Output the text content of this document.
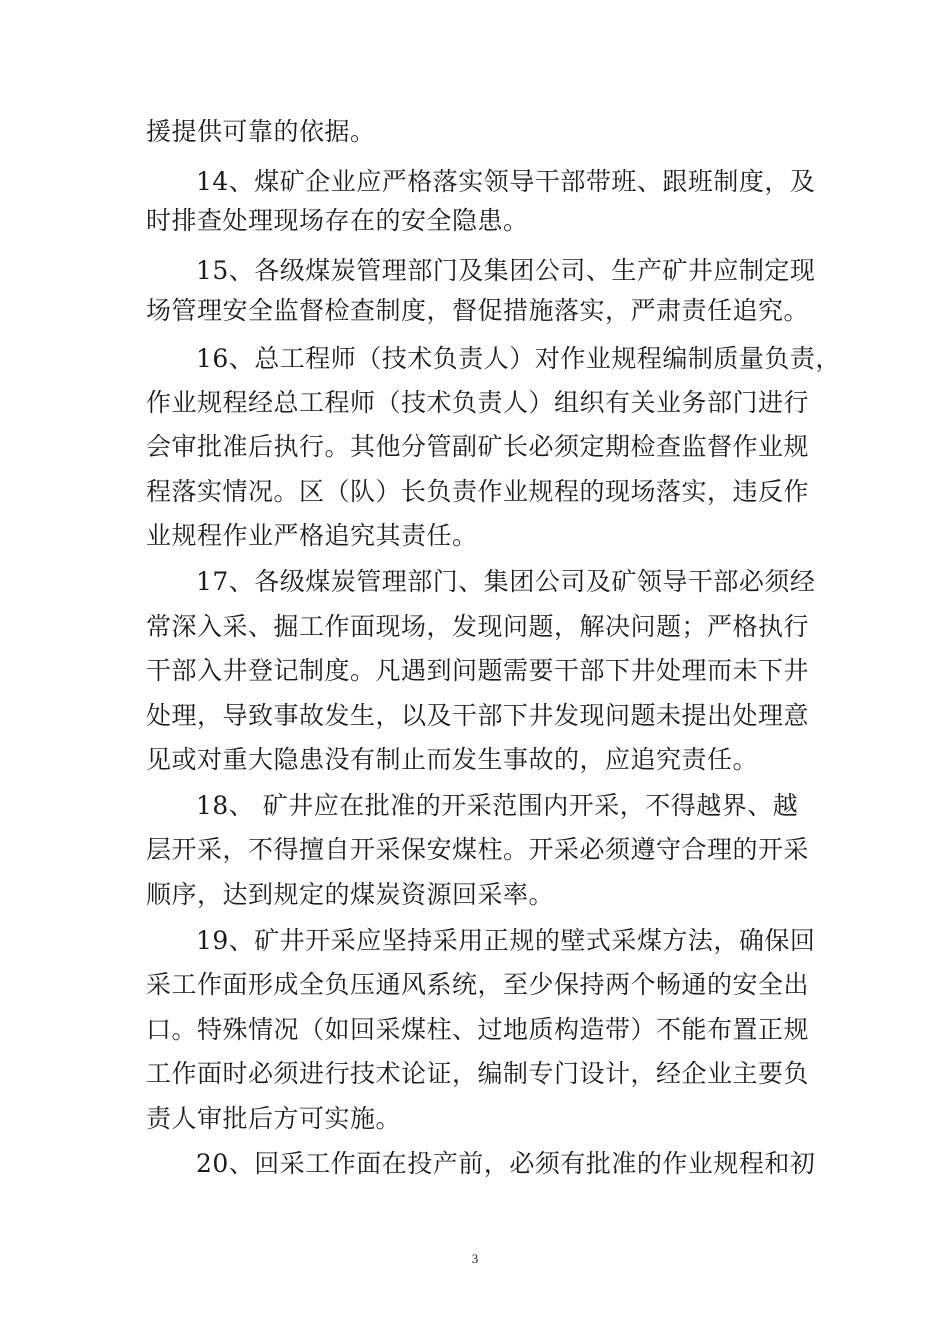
援提供可靠的依据。
14、煤矿企业应严格落实领导干部带班、跟班制度，及
时排查处理现场存在的安全隐患。
15、各级煤炭管理部门及集团公司、生产矿井应制定现
场管理安全监督检查制度，督促措施落实，严肃责任追究。
16、总工程师（技术负责人）对作业规程编制质量负责，
作业规程经总工程师（技术负责人）组织有关业务部门进行
会审批准后执行。其他分管副矿长必须定期检查监督作业规
程落实情况。区（队）长负责作业规程的现场落实，违反作
业规程作业严格追究其责任。
17、各级煤炭管理部门、集团公司及矿领导干部必须经
常深入采、掘工作面现场，发现问题，解决问题；严格执行
干部入井登记制度。凡遇到问题需要干部下井处理而未下井
处理，导致事故发生，以及干部下井发现问题未提出处理意
见或对重大隐患没有制止而发生事故的，应追究责任。
18、 矿井应在批准的开采范围内开采，不得越界、越
层开采，不得擅自开采保安煤柱。开采必须遵守合理的开采
顺序，达到规定的煤炭资源回采率。
19、矿井开采应坚持采用正规的壁式采煤方法，确保回
采工作面形成全负压通风系统，至少保持两个畅通的安全出
口。特殊情况（如回采煤柱、过地质构造带）不能布置正规
工作面时必须进行技术论证，编制专门设计，经企业主要负
责人审批后方可实施。
20、回采工作面在投产前，必须有批准的作业规程和初
3
